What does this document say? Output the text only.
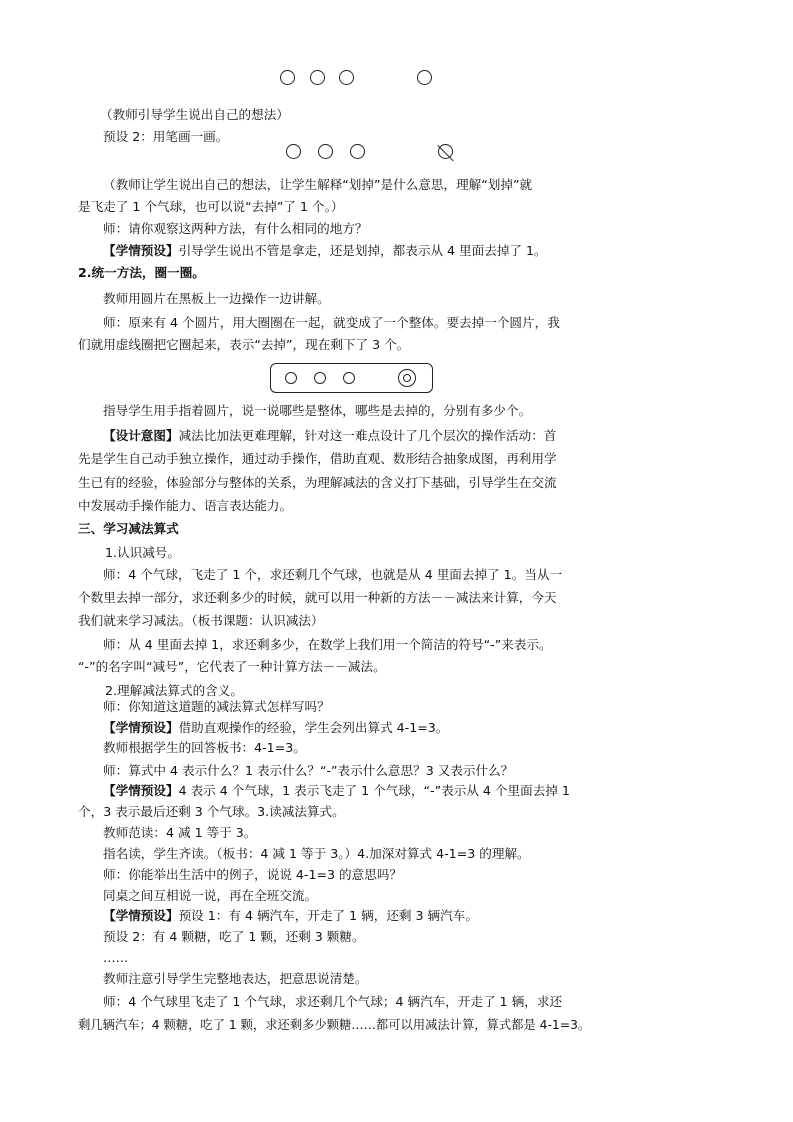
（教师引导学生说出自己的想法）
预设 2：用笔画一画。
（教师让学生说出自己的想法，让学生解释“划掉”是什么意思，理解“划掉”就
是飞走了 1 个气球，也可以说“去掉”了 1 个。）
师：请你观察这两种方法，有什么相同的地方？
【学情预设】引导学生说出不管是拿走，还是划掉，都表示从 4 里面去掉了 1。
2.统一方法，圈一圈。
教师用圆片在黑板上一边操作一边讲解。
师：原来有 4 个圆片，用大圈圈在一起，就变成了一个整体。要去掉一个圆片，我
们就用虚线圈把它圈起来，表示“去掉”，现在剩下了 3 个。
指导学生用手指着圆片，说一说哪些是整体，哪些是去掉的，分别有多少个。
【设计意图】减法比加法更难理解，针对这一难点设计了几个层次的操作活动：首
先是学生自己动手独立操作，通过动手操作，借助直观、数形结合抽象成图，再利用学
生已有的经验，体验部分与整体的关系，为理解减法的含义打下基础，引导学生在交流
中发展动手操作能力、语言表达能力。
三、学习减法算式
1.认识减号。
师：4 个气球，飞走了 1 个，求还剩几个气球，也就是从 4 里面去掉了 1。当从一
个数里去掉一部分，求还剩多少的时候，就可以用一种新的方法－－减法来计算，今天
我们就来学习减法。（板书课题：认识减法）
师：从 4 里面去掉 1，求还剩多少，在数学上我们用一个简洁的符号“-”来表示。
“-”的名字叫“减号”，它代表了一种计算方法－－减法。
2.理解减法算式的含义。
师：你知道这道题的减法算式怎样写吗？
【学情预设】借助直观操作的经验，学生会列出算式 4-1=3。
教师根据学生的回答板书：4-1=3。
师：算式中 4 表示什么？1 表示什么？“-”表示什么意思？3 又表示什么？
【学情预设】4 表示 4 个气球，1 表示飞走了 1 个气球，“-”表示从 4 个里面去掉 1
个，3 表示最后还剩 3 个气球。3.读减法算式。
教师范读：4 减 1 等于 3。
指名读，学生齐读。（板书：4 减 1 等于 3。）4.加深对算式 4-1=3 的理解。
师：你能举出生活中的例子，说说 4-1=3 的意思吗？
同桌之间互相说一说，再在全班交流。
【学情预设】预设 1：有 4 辆汽车，开走了 1 辆，还剩 3 辆汽车。
预设 2：有 4 颗糖，吃了 1 颗，还剩 3 颗糖。
……
教师注意引导学生完整地表达，把意思说清楚。
师：4 个气球里飞走了 1 个气球，求还剩几个气球；4 辆汽车，开走了 1 辆，求还
剩几辆汽车；4 颗糖，吃了 1 颗，求还剩多少颗糖……都可以用减法计算，算式都是 4-1=3。
